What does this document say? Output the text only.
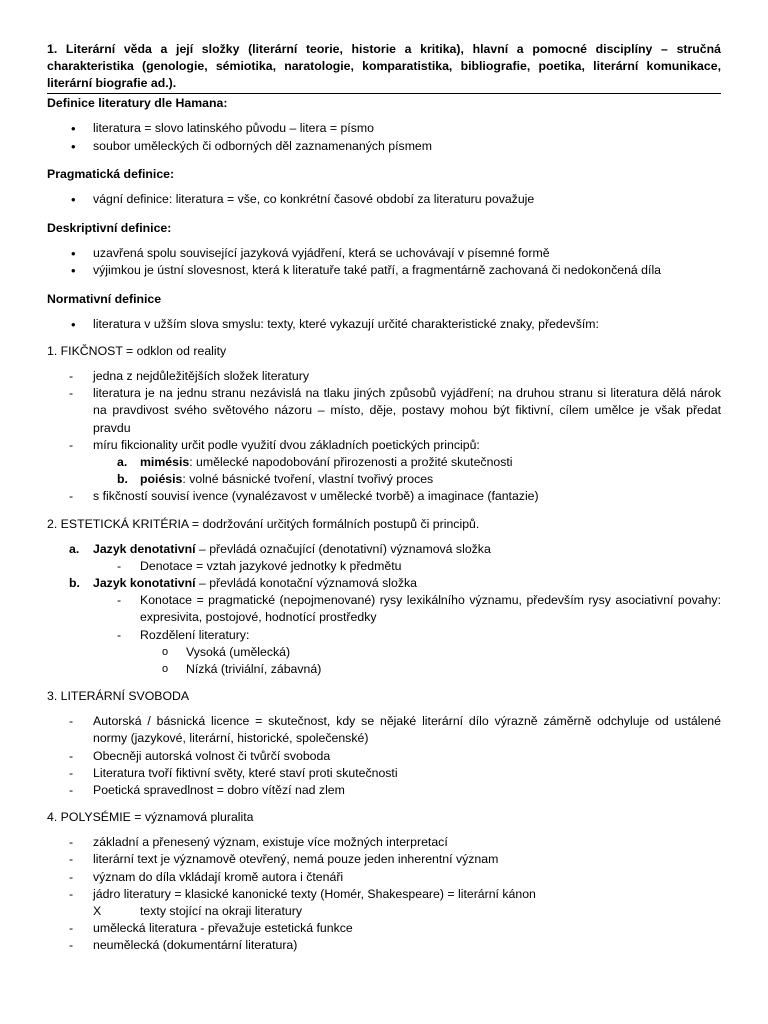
1. Literární věda a její složky (literární teorie, historie a kritika), hlavní a pomocné disciplíny – stručná charakteristika (genologie, sémiotika, naratologie, komparatistika, bibliografie, poetika, literární komunikace, literární biografie ad.).

Definice literatury dle Hamana:

• literatura = slovo latinského původu – litera = písmo
• soubor uměleckých či odborných děl zaznamenaných písmem

Pragmatická definice:

• vágní definice: literatura = vše, co konkrétní časové období za literaturu považuje

Deskriptivní definice:

• uzavřená spolu související jazyková vyjádření, která se uchovávají v písemné formě
• výjimkou je ústní slovesnost, která k literatuře také patří, a fragmentárně zachovaná či nedokončená díla

Normativní definice

• literatura v užším slova smyslu: texty, které vykazují určité charakteristické znaky, především:

1. FIKČNOST = odklon od reality

- jedna z nejdůležitějších složek literatury
- literatura je na jednu stranu nezávislá na tlaku jiných způsobů vyjádření; na druhou stranu si literatura dělá nárok na pravdivost svého světového názoru – místo, děje, postavy mohou být fiktivní, cílem umělce je však předat pravdu
- míru fikcionality určit podle využití dvou základních poetických principů:
a. mimésis: umělecké napodobování přirozenosti a prožité skutečnosti
b. poiésis: volné básnické tvoření, vlastní tvořivý proces
- s fikčností souvisí ivence (vynalézavost v umělecké tvorbě) a imaginace (fantazie)

2. ESTETICKÁ KRITÉRIA = dodržování určitých formálních postupů či principů.

a. Jazyk denotativní – převládá označující (denotativní) významová složka
- Denotace = vztah jazykové jednotky k předmětu
b. Jazyk konotativní – převládá konotační významová složka
- Konotace = pragmatické (nepojmenované) rysy lexikálního významu, především rysy asociativní povahy: expresivita, postojové, hodnotící prostředky
- Rozdělení literatury:
o Vysoká (umělecká)
o Nízká (triviální, zábavná)

3. LITERÁRNÍ SVOBODA

- Autorská / básnická licence = skutečnost, kdy se nějaké literární dílo výrazně záměrně odchyluje od ustálené normy (jazykové, literární, historické, společenské)
- Obecněji autorská volnost či tvůrčí svoboda
- Literatura tvoří fiktivní světy, které staví proti skutečnosti
- Poetická spravedlnost = dobro vítězí nad zlem

4. POLYSÉMIE = významová pluralita

- základní a přenesený význam, existuje více možných interpretací
- literární text je významově otevřený, nemá pouze jeden inherentní význam
- význam do díla vkládají kromě autora i čtenáři
- jádro literatury = klasické kanonické texty (Homér, Shakespeare) = literární kánon
X	texty stojící na okraji literatury
- umělecká literatura - převažuje estetická funkce
- neumělecká (dokumentární literatura)
